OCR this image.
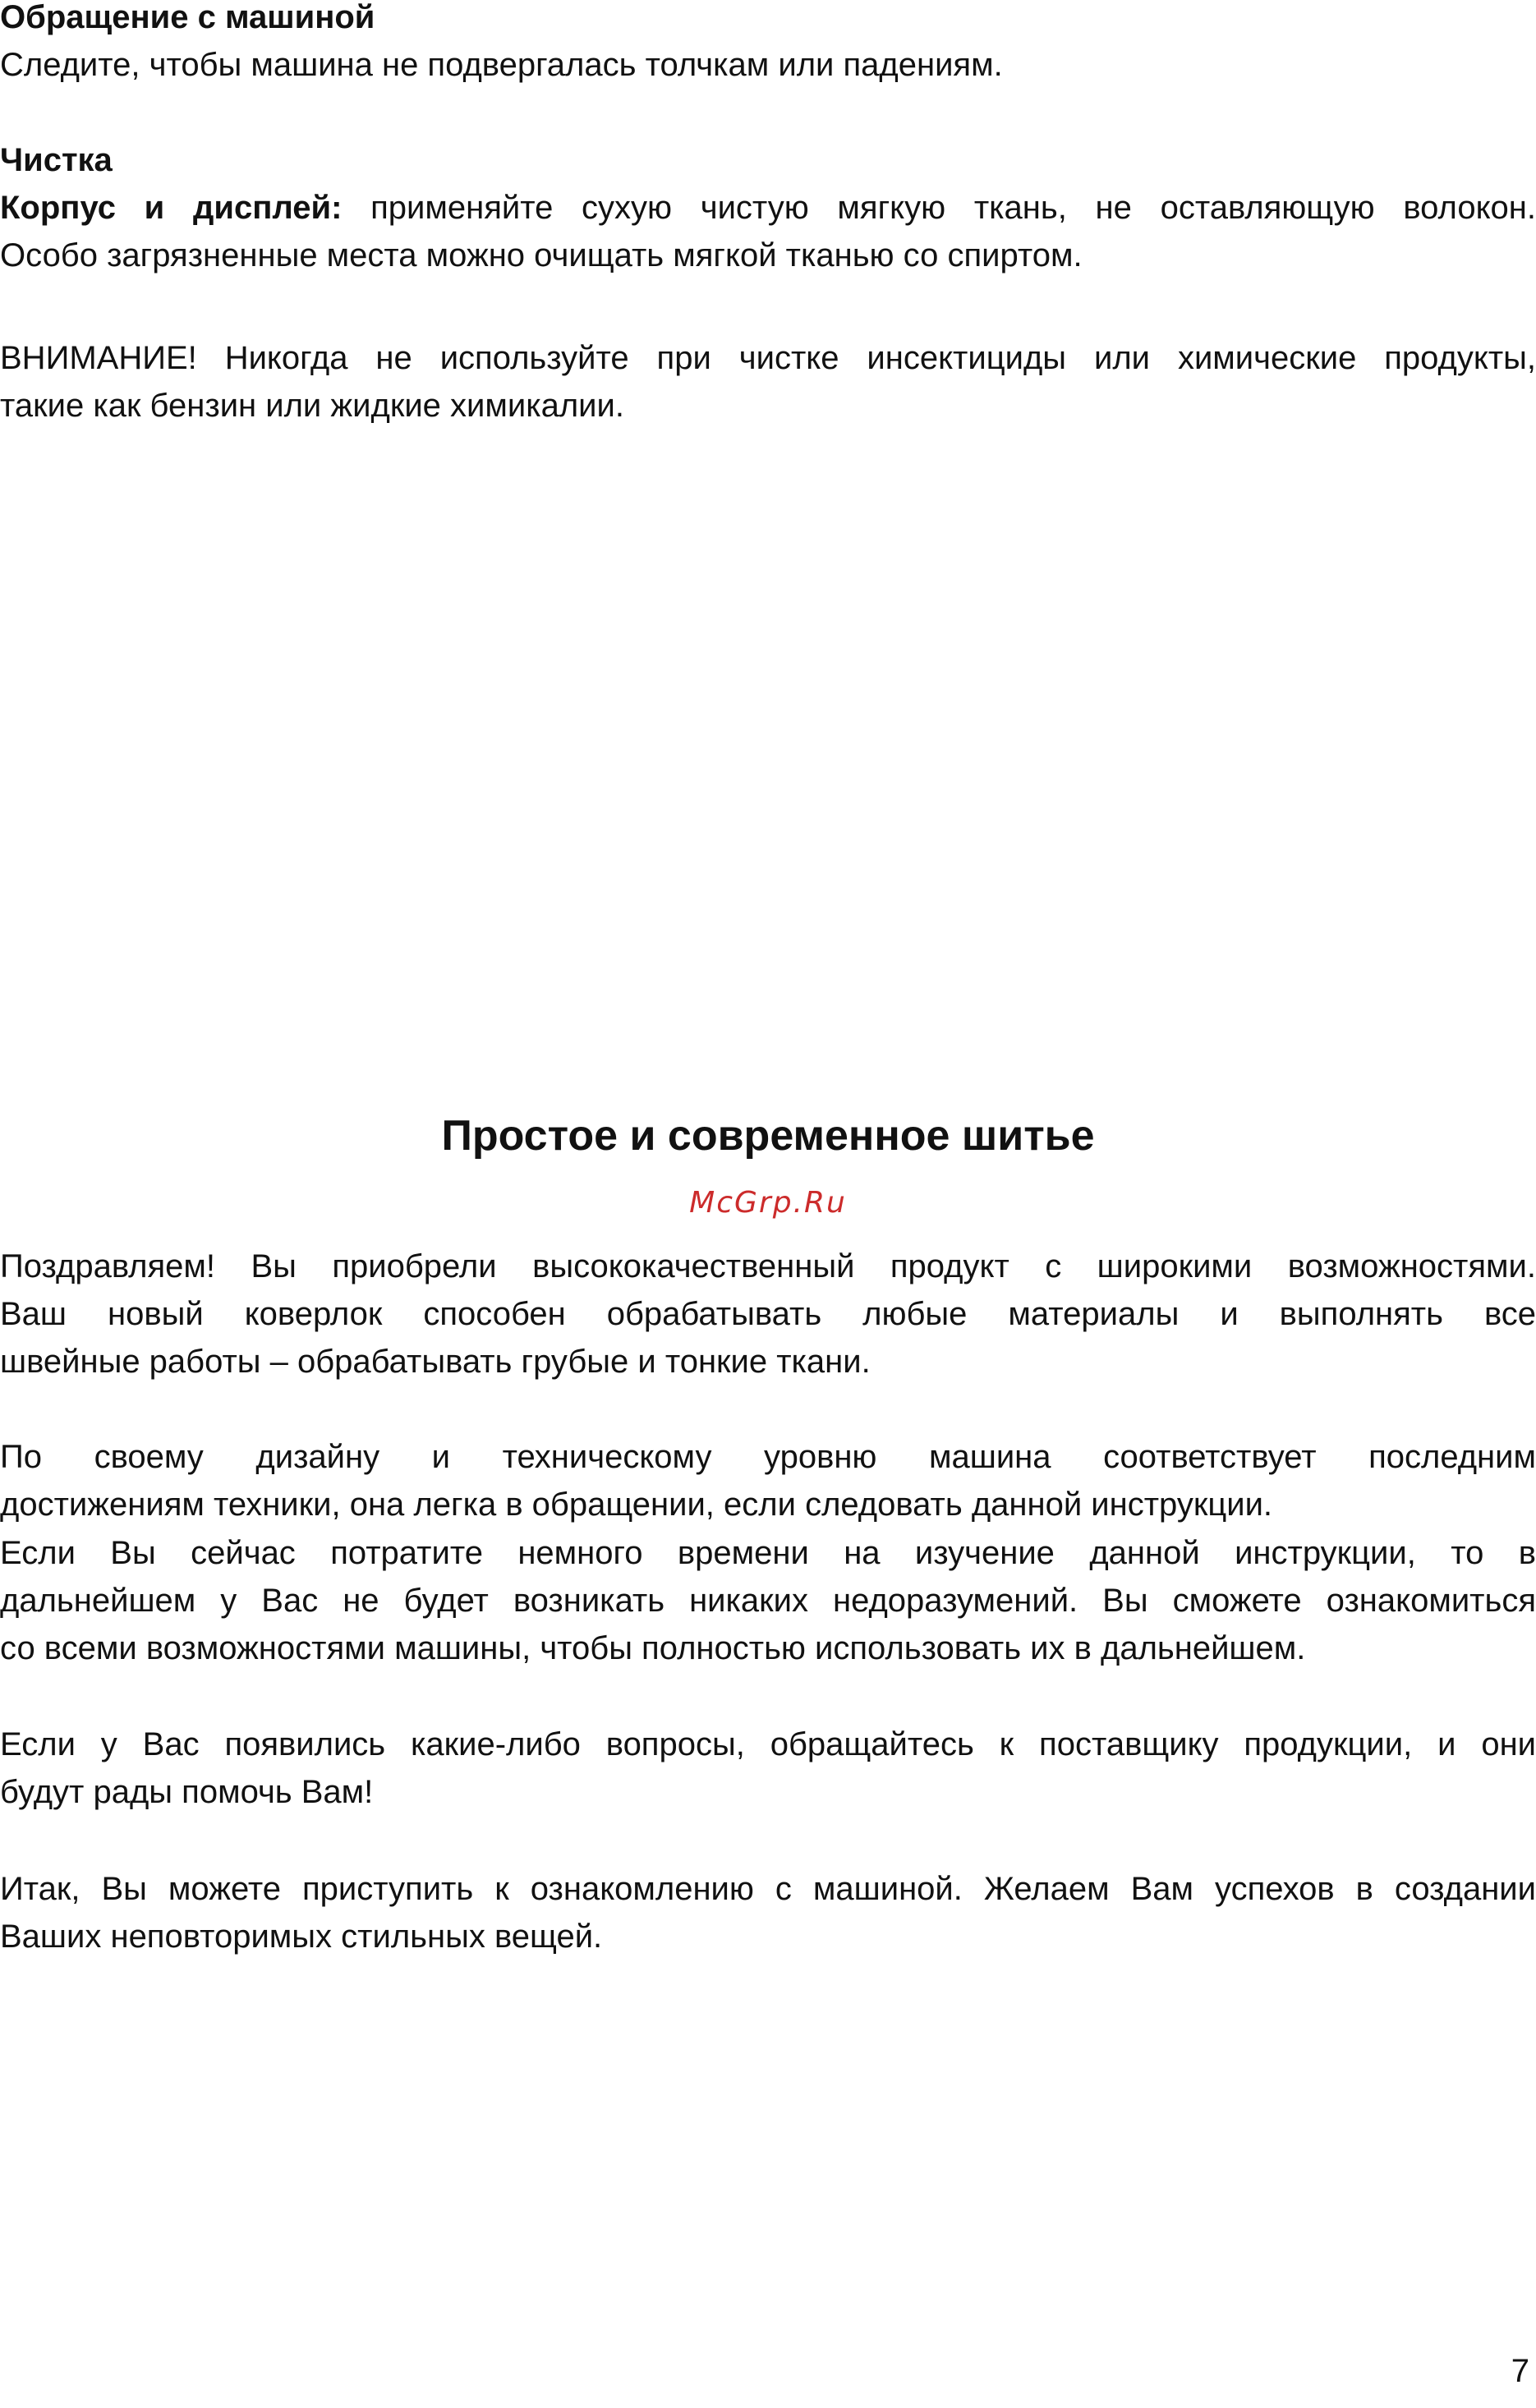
Обращение с машиной

Следите, чтобы машина не подвергалась толчкам или падениям.

Чистка

Корпус и дисплей: применяйте сухую чистую мягкую ткань, не оставляющую волокон.

Особо загрязненные места можно очищать мягкой тканью со спиртом.

ВНИМАНИЕ! Никогда не используйте при чистке инсектициды или химические продукты,

такие как бензин или жидкие химикалии.

Простое и современное шитье
McGrp.Ru

Поздравляем! Вы приобрели высококачественный продукт с широкими возможностями.

Ваш новый коверлок способен обрабатывать любые материалы и выполнять все

швейные работы – обрабатывать грубые и тонкие ткани.

По своему дизайну и техническому уровню машина соответствует последним

достижениям техники, она легка в обращении, если следовать данной инструкции.

Если Вы сейчас потратите немного времени на изучение данной инструкции, то в

дальнейшем у Вас не будет возникать никаких недоразумений. Вы сможете ознакомиться

со всеми возможностями машины, чтобы полностью использовать их в дальнейшем.

Если у Вас появились какие-либо вопросы, обращайтесь к поставщику продукции, и они

будут рады помочь Вам!

Итак, Вы можете приступить к ознакомлению с машиной. Желаем Вам успехов в создании

Ваших неповторимых стильных вещей.

7
